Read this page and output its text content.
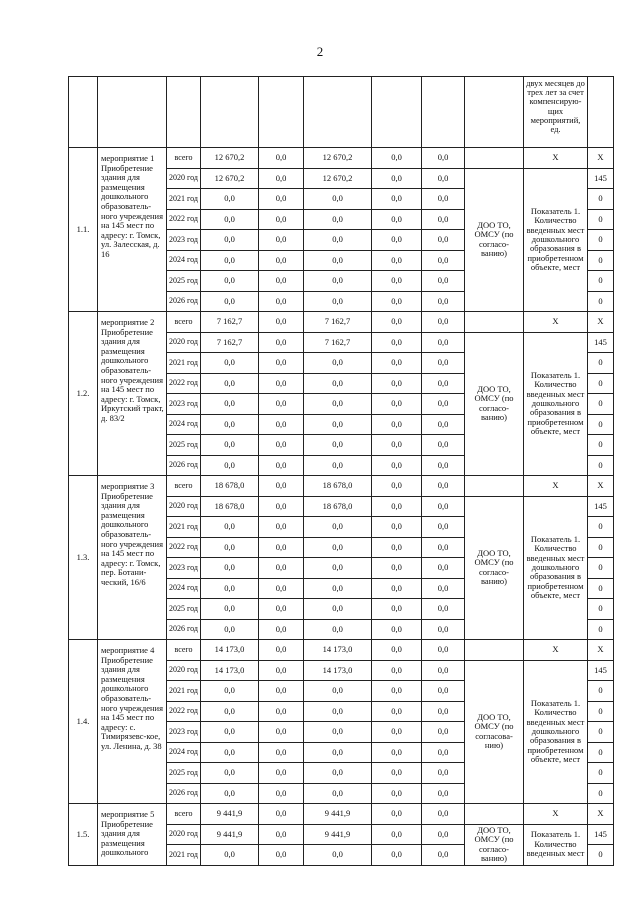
2
									двух месяцев до трех лет за счет компенсирую-щих мероприятий, ед.	
1.1.	мероприятие 1 Приобретение здания для размещения дошкольного образователь-ного учреждения на 145 мест по адресу: г. Томск, ул. Залесская, д. 16	всего	12 670,2	0,0	12 670,2	0,0	0,0		X	X
		2020 год	12 670,2	0,0	12 670,2	0,0	0,0	ДОО ТО, ОМСУ (по согласо-ванию)	Показатель 1. Количество введенных мест дошкольного образования в приобретенном объекте, мест	145
		2021 год	0,0	0,0	0,0	0,0	0,0			0
		2022 год	0,0	0,0	0,0	0,0	0,0			0
		2023 год	0,0	0,0	0,0	0,0	0,0			0
		2024 год	0,0	0,0	0,0	0,0	0,0			0
		2025 год	0,0	0,0	0,0	0,0	0,0			0
		2026 год	0,0	0,0	0,0	0,0	0,0			0
1.2.	мероприятие 2 Приобретение здания для размещения дошкольного образователь-ного учреждения на 145 мест по адресу: г. Томск, Иркутский тракт, д. 83/2	всего	7 162,7	0,0	7 162,7	0,0	0,0		X	X
		2020 год	7 162,7	0,0	7 162,7	0,0	0,0	ДОО ТО, ОМСУ (по согласо-ванию)	Показатель 1. Количество введенных мест дошкольного образования в приобретенном объекте, мест	145
		2021 год	0,0	0,0	0,0	0,0	0,0			0
		2022 год	0,0	0,0	0,0	0,0	0,0			0
		2023 год	0,0	0,0	0,0	0,0	0,0			0
		2024 год	0,0	0,0	0,0	0,0	0,0			0
		2025 год	0,0	0,0	0,0	0,0	0,0			0
		2026 год	0,0	0,0	0,0	0,0	0,0			0
1.3.	мероприятие 3 Приобретение здания для размещения дошкольного образователь-ного учреждения на 145 мест по адресу: г. Томск, пер. Ботани-ческий, 16/6	всего	18 678,0	0,0	18 678,0	0,0	0,0		X	X
		2020 год	18 678,0	0,0	18 678,0	0,0	0,0	ДОО ТО, ОМСУ (по согласо-ванию)	Показатель 1. Количество введенных мест дошкольного образования в приобретенном объекте, мест	145
		2021 год	0,0	0,0	0,0	0,0	0,0			0
		2022 год	0,0	0,0	0,0	0,0	0,0			0
		2023 год	0,0	0,0	0,0	0,0	0,0			0
		2024 год	0,0	0,0	0,0	0,0	0,0			0
		2025 год	0,0	0,0	0,0	0,0	0,0			0
		2026 год	0,0	0,0	0,0	0,0	0,0			0
1.4.	мероприятие 4 Приобретение здания для размещения дошкольного образователь-ного учреждения на 145 мест по адресу: с. Тимирязевс-кое, ул. Ленина, д. 38	всего	14 173,0	0,0	14 173,0	0,0	0,0		X	X
		2020 год	14 173,0	0,0	14 173,0	0,0	0,0	ДОО ТО, ОМСУ (по согласова-нию)	Показатель 1. Количество введенных мест дошкольного образования в приобретенном объекте, мест	145
		2021 год	0,0	0,0	0,0	0,0	0,0			0
		2022 год	0,0	0,0	0,0	0,0	0,0			0
		2023 год	0,0	0,0	0,0	0,0	0,0			0
		2024 год	0,0	0,0	0,0	0,0	0,0			0
		2025 год	0,0	0,0	0,0	0,0	0,0			0
		2026 год	0,0	0,0	0,0	0,0	0,0			0
1.5.	мероприятие 5 Приобретение здания для размещения дошкольного	всего	9 441,9	0,0	9 441,9	0,0	0,0		X	X
		2020 год	9 441,9	0,0	9 441,9	0,0	0,0	ДОО ТО, ОМСУ (по согласо-ванию)	Показатель 1. Количество введенных мест	145
		2021 год	0,0	0,0	0,0	0,0	0,0			0
